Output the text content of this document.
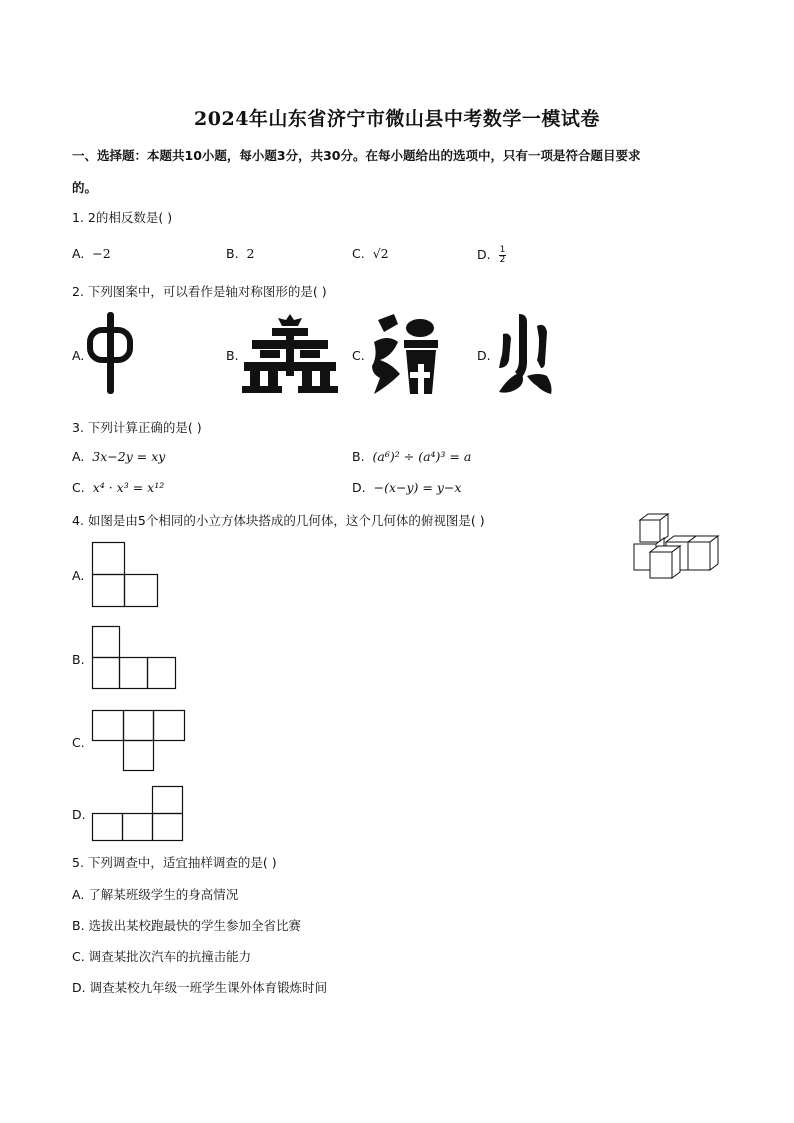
2024年山东省济宁市微山县中考数学一模试卷
一、选择题：本题共10小题，每小题3分，共30分。在每小题给出的选项中，只有一项是符合题目要求
的。
1. 2的相反数是( )
A. −2	B. 2	C. √2	D. $\frac{1}{2}$
2. 下列图案中，可以看作是轴对称图形的是( )
A.	B.	C.	D.
3. 下列计算正确的是( )
A. 3x−2y = xy	B. (a⁶)² ÷ (a⁴)³ = a
C. x⁴ · x³ = x¹²	D. −(x−y) = y−x
4. 如图是由5个相同的小立方体块搭成的几何体，这个几何体的俯视图是( )
A.
B.
C.
D.
5. 下列调查中，适宜抽样调查的是( )
A. 了解某班级学生的身高情况
B. 选拔出某校跑最快的学生参加全省比赛
C. 调查某批次汽车的抗撞击能力
D. 调查某校九年级一班学生课外体育锻炼时间
